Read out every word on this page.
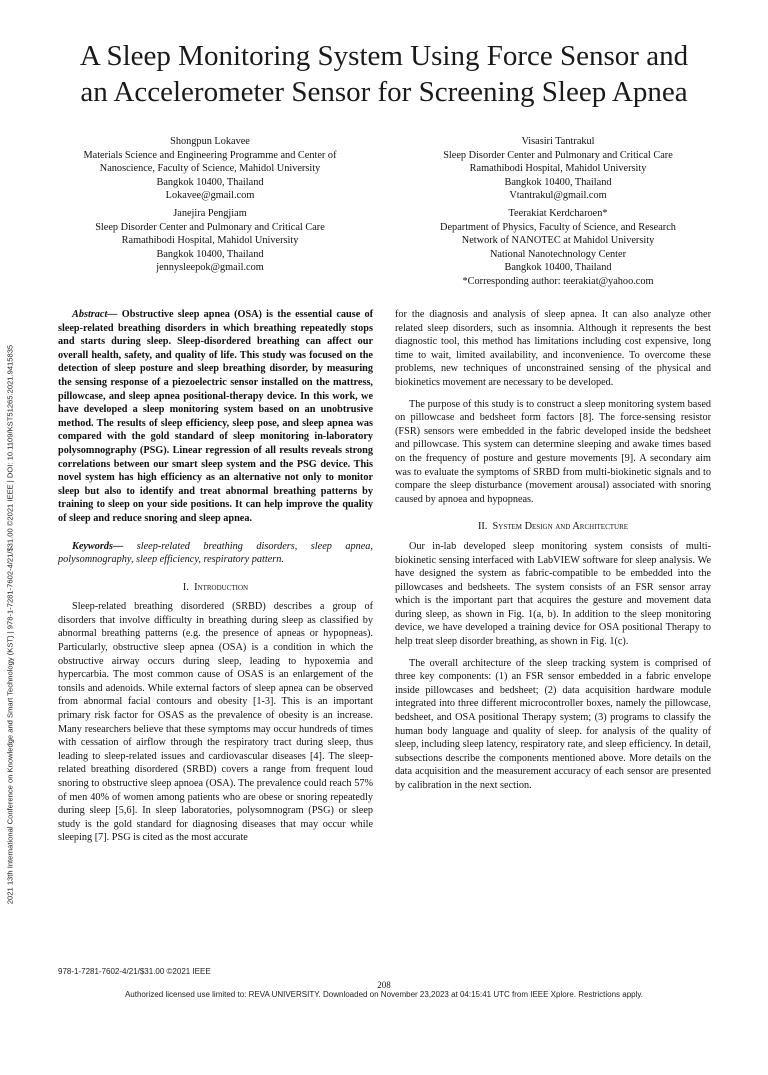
2021 13th International Conference on Knowledge and Smart Technology (KST) | 978-1-7281-7602-4/21/$31.00 ©2021 IEEE | DOI: 10.1109/KST51265.2021.9415835
A Sleep Monitoring System Using Force Sensor and
an Accelerometer Sensor for Screening Sleep Apnea
Shongpun Lokavee
Materials Science and Engineering Programme and Center of
Nanoscience, Faculty of Science, Mahidol University
Bangkok 10400, Thailand
Lokavee@gmail.com
Visasiri Tantrakul
Sleep Disorder Center and Pulmonary and Critical Care
Ramathibodi Hospital, Mahidol University
Bangkok 10400, Thailand
Vtantrakul@gmail.com
Janejira Pengjiam
Sleep Disorder Center and Pulmonary and Critical Care
Ramathibodi Hospital, Mahidol University
Bangkok 10400, Thailand
jennysleepok@gmail.com
Teerakiat Kerdcharoen*
Department of Physics, Faculty of Science, and Research
Network of NANOTEC at Mahidol University
National Nanotechnology Center
Bangkok 10400, Thailand
*Corresponding author: teerakiat@yahoo.com

Abstract— Obstructive sleep apnea (OSA) is the essential cause of sleep-related breathing disorders in which breathing repeatedly stops and starts during sleep. Sleep-disordered breathing can affect our overall health, safety, and quality of life. This study was focused on the detection of sleep posture and sleep breathing disorder, by measuring the sensing response of a piezoelectric sensor installed on the mattress, pillowcase, and sleep apnea positional-therapy device. In this work, we have developed a sleep monitoring system based on an unobtrusive method. The results of sleep efficiency, sleep pose, and sleep apnea was compared with the gold standard of sleep monitoring in-laboratory polysomnography (PSG). Linear regression of all results reveals strong correlations between our smart sleep system and the PSG device. This novel system has high efficiency as an alternative not only to monitor sleep but also to identify and treat abnormal breathing patterns by training to sleep on your side positions. It can help improve the quality of sleep and reduce snoring and sleep apnea.

Keywords— sleep-related breathing disorders, sleep apnea, polysomnography, sleep efficiency, respiratory pattern.

I. Introduction

Sleep-related breathing disordered (SRBD) describes a group of disorders that involve difficulty in breathing during sleep as classified by abnormal breathing patterns (e.g. the presence of apneas or hypopneas). Particularly, obstructive sleep apnea (OSA) is a condition in which the obstructive airway occurs during sleep, leading to hypoxemia and hypercarbia. The most common cause of OSAS is an enlargement of the tonsils and adenoids. While external factors of sleep apnea can be observed from abnormal facial contours and obesity [1-3]. This is an important primary risk factor for OSAS as the prevalence of obesity is an increase. Many researchers believe that these symptoms may occur hundreds of times with cessation of airflow through the respiratory tract during sleep, thus leading to sleep-related issues and cardiovascular diseases [4]. The sleep-related breathing disordered (SRBD) covers a range from frequent loud snoring to obstructive sleep apnoea (OSA). The prevalence could reach 57% of men 40% of women among patients who are obese or snoring repeatedly during sleep [5,6]. In sleep laboratories, polysomnogram (PSG) or sleep study is the gold standard for diagnosing diseases that may occur while sleeping [7]. PSG is cited as the most accurate

for the diagnosis and analysis of sleep apnea. It can also analyze other related sleep disorders, such as insomnia. Although it represents the best diagnostic tool, this method has limitations including cost expensive, long time to wait, limited availability, and inconvenience. To overcome these problems, new techniques of unconstrained sensing of the physical and biokinetics movement are necessary to be developed.

The purpose of this study is to construct a sleep monitoring system based on pillowcase and bedsheet form factors [8]. The force-sensing resistor (FSR) sensors were embedded in the fabric developed inside the bedsheet and pillowcase. This system can determine sleeping and awake times based on the frequency of posture and gesture movements [9]. A secondary aim was to evaluate the symptoms of SRBD from multi-biokinetic signals and to compare the sleep disturbance (movement arousal) associated with snoring caused by apnoea and hypopneas.

II. System Design and Architecture

Our in-lab developed sleep monitoring system consists of multi-biokinetic sensing interfaced with LabVIEW software for sleep analysis. We have designed the system as fabric-compatible to be embedded into the pillowcases and bedsheets. The system consists of an FSR sensor array which is the important part that acquires the gesture and movement data during sleep, as shown in Fig. 1(a, b). In addition to the sleep monitoring device, we have developed a training device for OSA positional Therapy to help treat sleep disorder breathing, as shown in Fig. 1(c).

The overall architecture of the sleep tracking system is comprised of three key components: (1) an FSR sensor embedded in a fabric envelope inside pillowcases and bedsheet; (2) data acquisition hardware module integrated into three different microcontroller boxes, namely the pillowcase, bedsheet, and OSA positional Therapy system; (3) programs to classify the human body language and quality of sleep. for analysis of the quality of sleep, including sleep latency, respiratory rate, and sleep efficiency. In detail, subsections describe the components mentioned above. More details on the data acquisition and the measurement accuracy of each sensor are presented by calibration in the next section.

978-1-7281-7602-4/21/$31.00 ©2021 IEEE
208
Authorized licensed use limited to: REVA UNIVERSITY. Downloaded on November 23,2023 at 04:15:41 UTC from IEEE Xplore. Restrictions apply.
